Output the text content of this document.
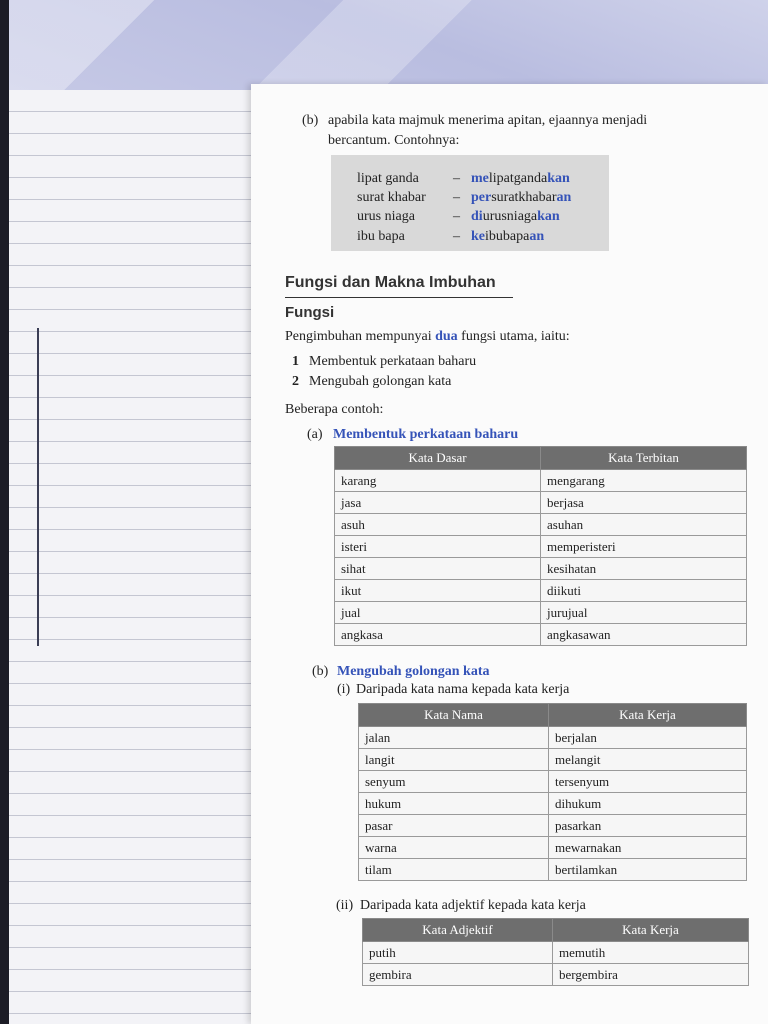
(b) apabila kata majmuk menerima apitan, ejaannya menjadi
bercantum. Contohnya:
lipat ganda	– melipatgandakan
surat khabar	– persuratkhabaran
urus niaga	– diurusniagakan
ibu bapa	– keibubapaan
Fungsi dan Makna Imbuhan
Fungsi
Pengimbuhan mempunyai dua fungsi utama, iaitu:
1 Membentuk perkataan baharu
2 Mengubah golongan kata
Beberapa contoh:
(a) Membentuk perkataan baharu
Kata Dasar	Kata Terbitan
karang	mengarang
jasa	berjasa
asuh	asuhan
isteri	memperisteri
sihat	kesihatan
ikut	diikuti
jual	jurujual
angkasa	angkasawan
(b) Mengubah golongan kata
(i) Daripada kata nama kepada kata kerja
Kata Nama	Kata Kerja
jalan	berjalan
langit	melangit
senyum	tersenyum
hukum	dihukum
pasar	pasarkan
warna	mewarnakan
tilam	bertilamkan
(ii) Daripada kata adjektif kepada kata kerja
Kata Adjektif	Kata Kerja
putih	memutih
gembira	bergembira
